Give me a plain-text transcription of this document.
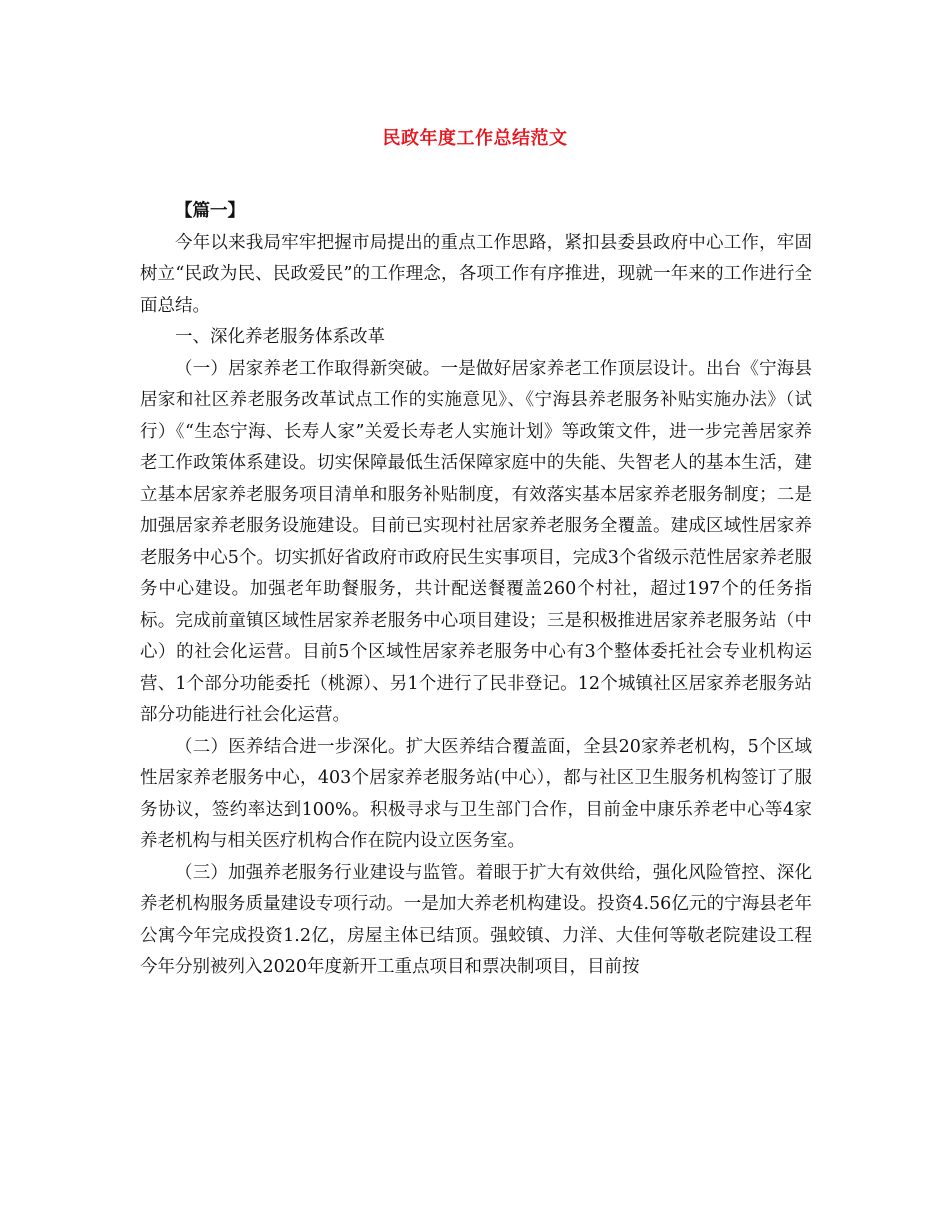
民政年度工作总结范文

【篇一】

今年以来我局牢牢把握市局提出的重点工作思路，紧扣县委县政府中心工作，牢固树立“民政为民、民政爱民”的工作理念，各项工作有序推进，现就一年来的工作进行全面总结。

一、深化养老服务体系改革

（一）居家养老工作取得新突破。一是做好居家养老工作顶层设计。出台《宁海县居家和社区养老服务改革试点工作的实施意见》、《宁海县养老服务补贴实施办法》（试行）《“生态宁海、长寿人家”关爱长寿老人实施计划》等政策文件，进一步完善居家养老工作政策体系建设。切实保障最低生活保障家庭中的失能、失智老人的基本生活，建立基本居家养老服务项目清单和服务补贴制度，有效落实基本居家养老服务制度；二是加强居家养老服务设施建设。目前已实现村社居家养老服务全覆盖。建成区域性居家养老服务中心5个。切实抓好省政府市政府民生实事项目，完成3个省级示范性居家养老服务中心建设。加强老年助餐服务，共计配送餐覆盖260个村社，超过197个的任务指标。完成前童镇区域性居家养老服务中心项目建设；三是积极推进居家养老服务站（中心）的社会化运营。目前5个区域性居家养老服务中心有3个整体委托社会专业机构运营、1个部分功能委托（桃源）、另1个进行了民非登记。12个城镇社区居家养老服务站部分功能进行社会化运营。

（二）医养结合进一步深化。扩大医养结合覆盖面，全县20家养老机构，5个区域性居家养老服务中心，403个居家养老服务站(中心），都与社区卫生服务机构签订了服务协议，签约率达到100%。积极寻求与卫生部门合作，目前金中康乐养老中心等4家养老机构与相关医疗机构合作在院内设立医务室。

（三）加强养老服务行业建设与监管。着眼于扩大有效供给，强化风险管控、深化养老机构服务质量建设专项行动。一是加大养老机构建设。投资4.56亿元的宁海县老年公寓今年完成投资1.2亿，房屋主体已结顶。强蛟镇、力洋、大佳何等敬老院建设工程今年分别被列入2020年度新开工重点项目和票决制项目，目前按
